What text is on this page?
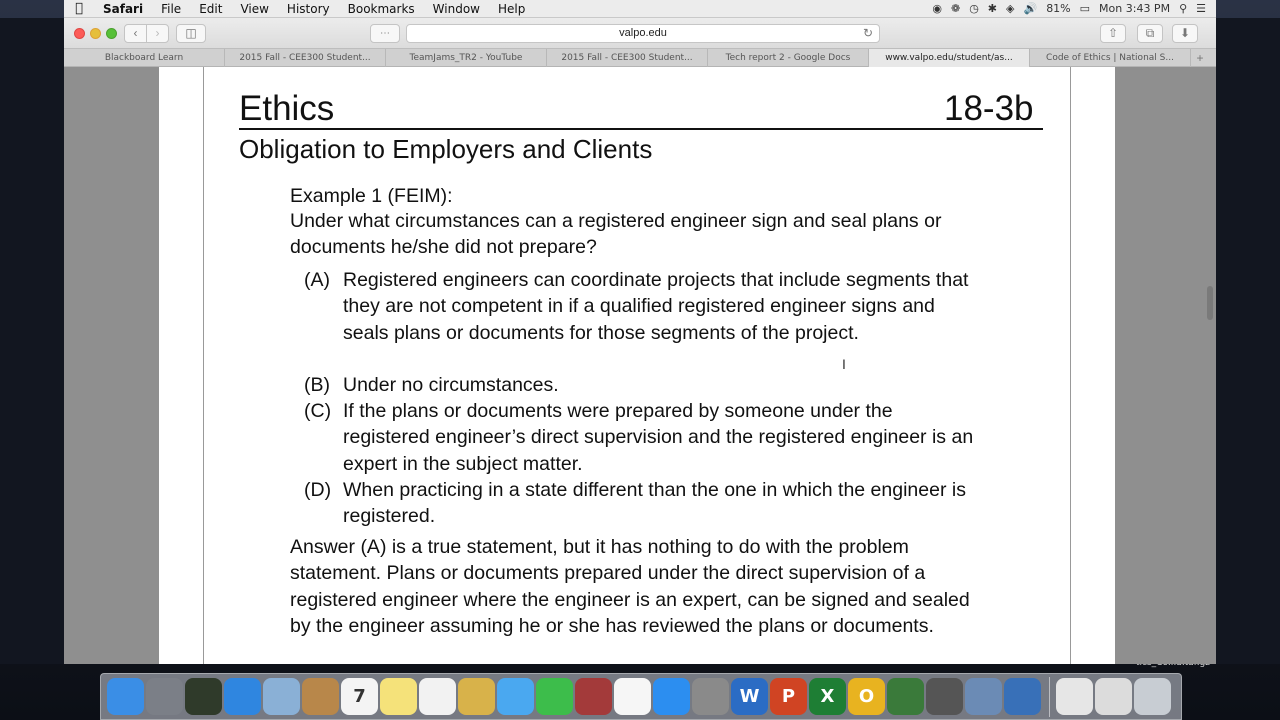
Safari	File	Edit	View	History	Bookmarks	Window	Help	◉ ❁ ◷ ✱ ◈ 🔊 81% ▭ Mon 3:43 PM ⚲ ☰
‹	›	◫	⋯	valpo.edu	↻	⇧	⧉	⬇
Blackboard Learn	2015 Fall - CEE300 Student...	TeamJams_TR2 - YouTube	2015 Fall - CEE300 Student...	Tech report 2 - Google Docs	www.valpo.edu/student/as...	Code of Ethics | National S...	+
Ethics	18-3b
Obligation to Employers and Clients
Example 1 (FEIM):
Under what circumstances can a registered engineer sign and seal plans or documents he/she did not prepare?
(A) Registered engineers can coordinate projects that include segments that they are not competent in if a qualified registered engineer signs and seals plans or documents for those segments of the project.
(B) Under no circumstances.
(C) If the plans or documents were prepared by someone under the registered engineer’s direct supervision and the registered engineer is an expert in the subject matter.
(D) When practicing in a state different than the one in which the engineer is registered.
Answer (A) is a true statement, but it has nothing to do with the problem statement. Plans or documents prepared under the direct supervision of a registered engineer where the engineer is an expert, can be signed and sealed by the engineer assuming he or she has reviewed the plans or documents.
I
7	W	P	X	O
